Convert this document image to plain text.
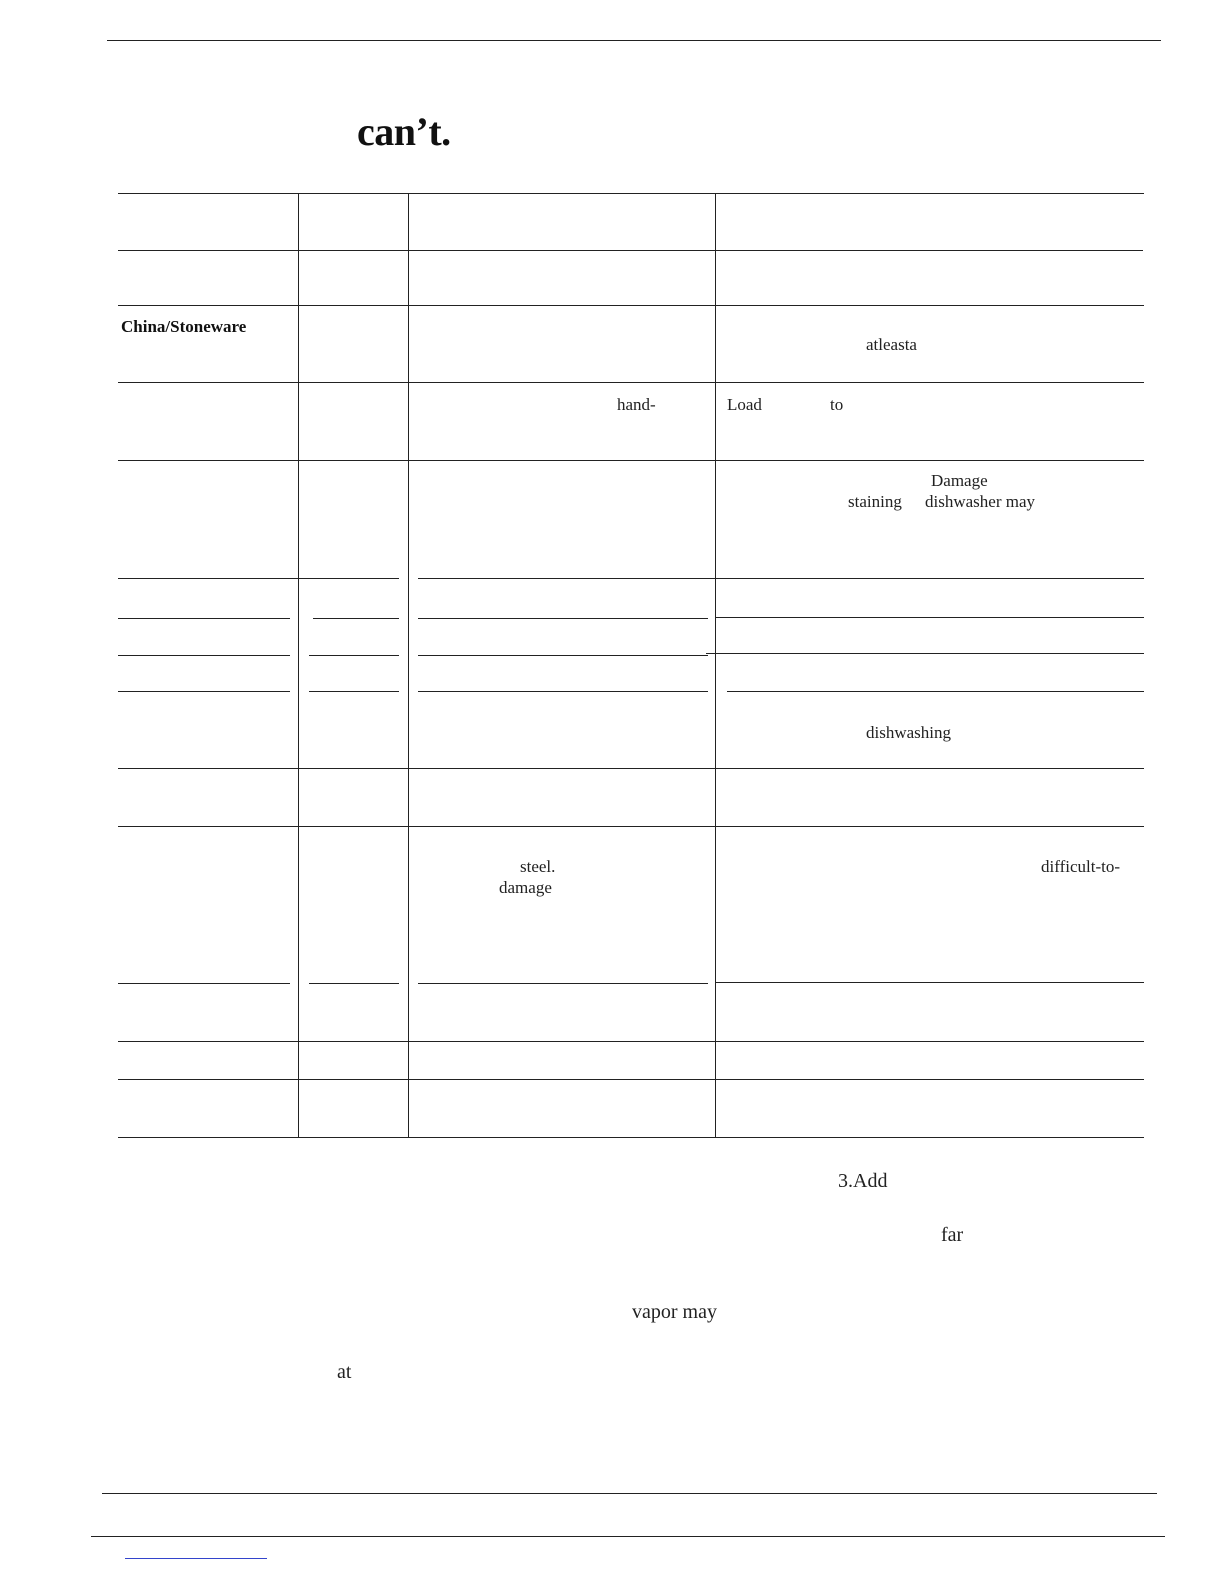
can’t.
China/Stoneware
atleasta
hand-	Load	to
Damage
staining dishwasher may
dishwashing
steel.
damage
difficult-to-
3.Add
far
vapor may
at
